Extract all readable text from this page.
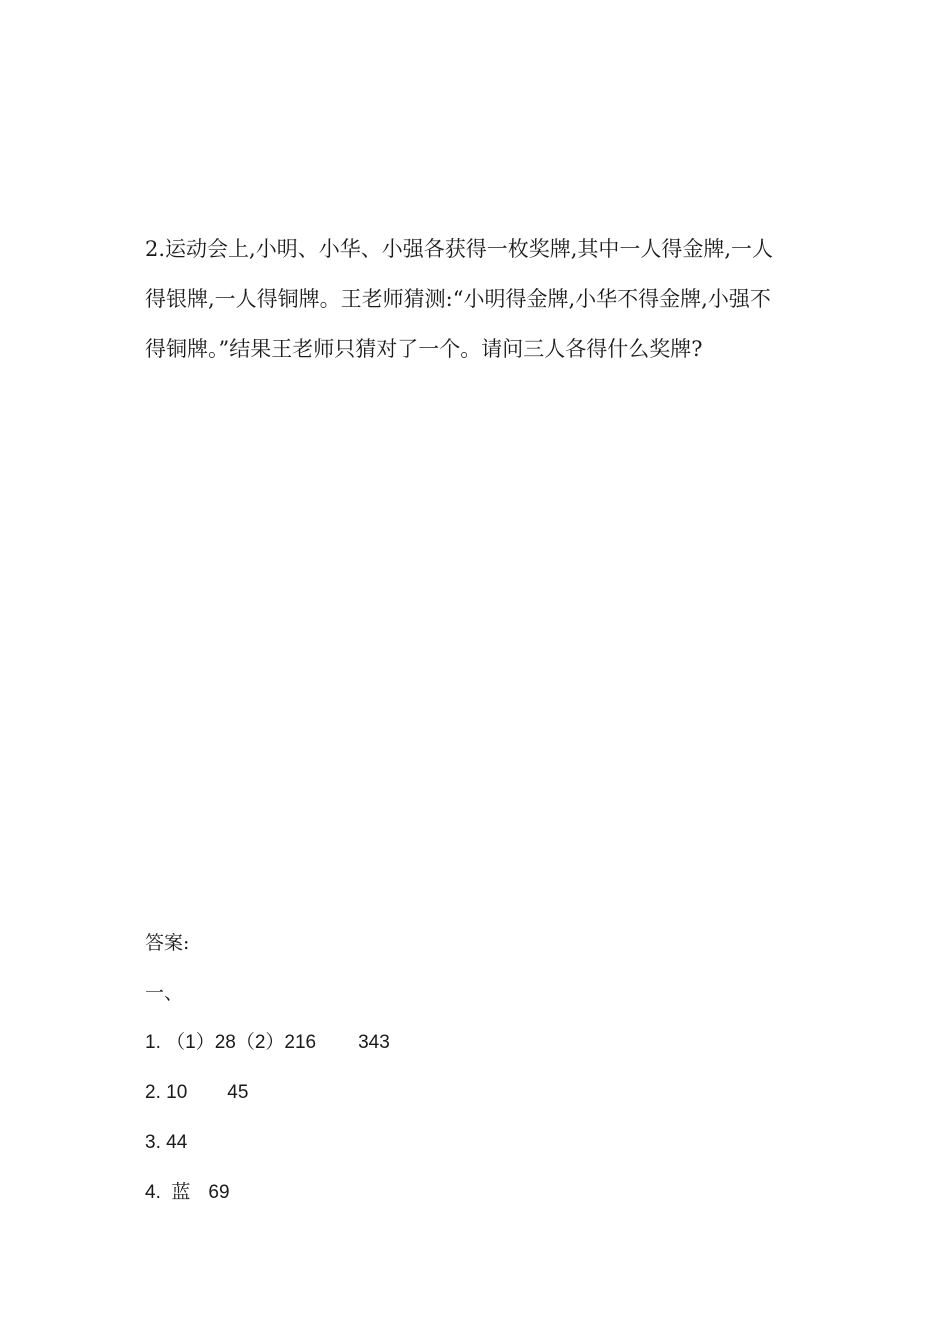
2.运动会上,小明、小华、小强各获得一枚奖牌,其中一人得金牌,一人
得银牌,一人得铜牌。王老师猜测:“小明得金牌,小华不得金牌,小强不
得铜牌。”结果王老师只猜对了一个。请问三人各得什么奖牌?
答案:
一、
1. （1）28（2）216 343
2. 10 45
3. 44
4.  蓝 69
